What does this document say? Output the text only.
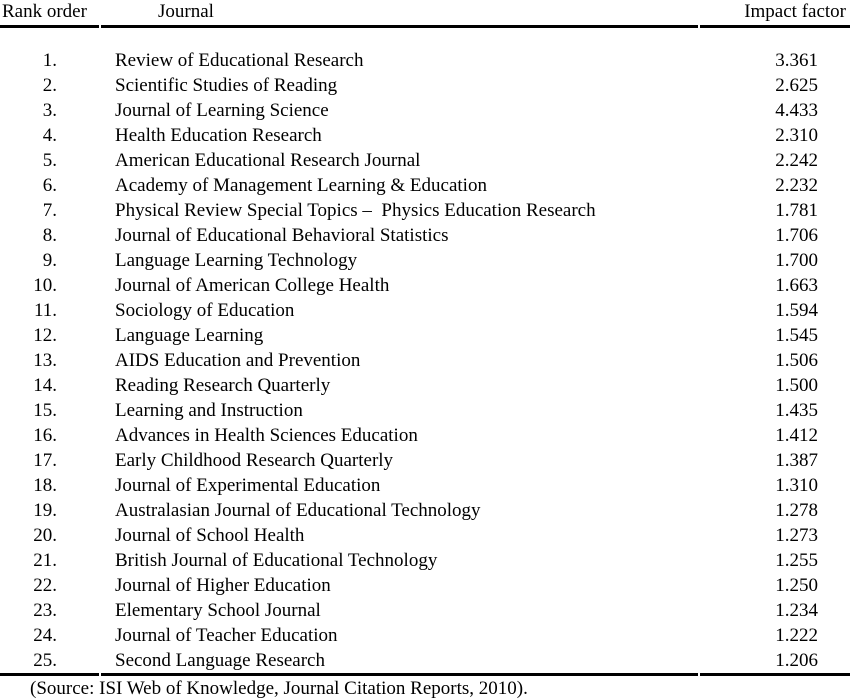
Rank order	Journal	Impact factor
1.	Review of Educational Research	3.361
2.	Scientific Studies of Reading	2.625
3.	Journal of Learning Science	4.433
4.	Health Education Research	2.310
5.	American Educational Research Journal	2.242
6.	Academy of Management Learning & Education	2.232
7.	Physical Review Special Topics –  Physics Education Research	1.781
8.	Journal of Educational Behavioral Statistics	1.706
9.	Language Learning Technology	1.700
10.	Journal of American College Health	1.663
11.	Sociology of Education	1.594
12.	Language Learning	1.545
13.	AIDS Education and Prevention	1.506
14.	Reading Research Quarterly	1.500
15.	Learning and Instruction	1.435
16.	Advances in Health Sciences Education	1.412
17.	Early Childhood Research Quarterly	1.387
18.	Journal of Experimental Education	1.310
19.	Australasian Journal of Educational Technology	1.278
20.	Journal of School Health	1.273
21.	British Journal of Educational Technology	1.255
22.	Journal of Higher Education	1.250
23.	Elementary School Journal	1.234
24.	Journal of Teacher Education	1.222
25.	Second Language Research	1.206
(Source: ISI Web of Knowledge, Journal Citation Reports, 2010).
